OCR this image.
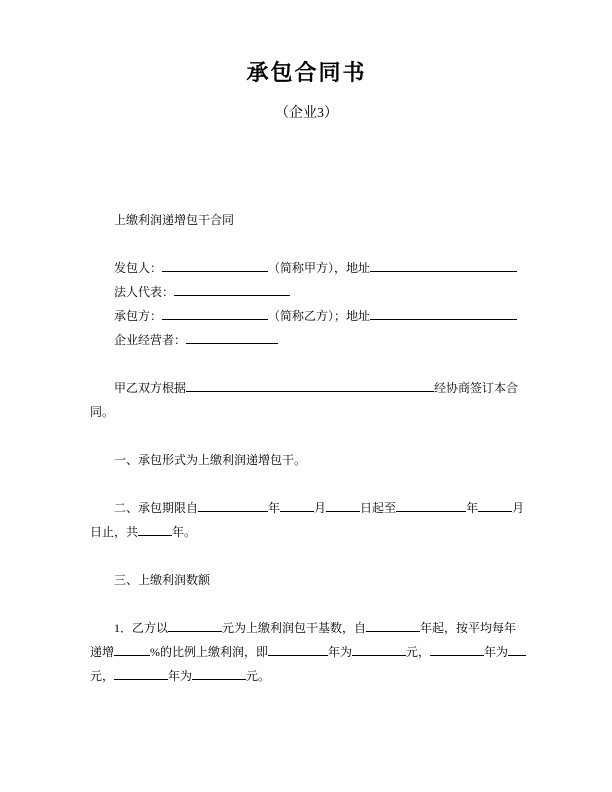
承包合同书
（企业3）
上缴利润递增包干合同
发包人：	（简称甲方），地址
法人代表：
承包方：	（简称乙方）；地址
企业经营者：
甲乙双方根据	经协商签订本合
同。
一、承包形式为上缴利润递增包干。
二、承包期限自	年	月	日起至	年	月
日止，共	年。
三、上缴利润数额
1．乙方以	元为上缴利润包干基数，自	年起，按平均每年
递增	%的比例上缴利润，即	年为	元，	年为
元，	年为	元。
